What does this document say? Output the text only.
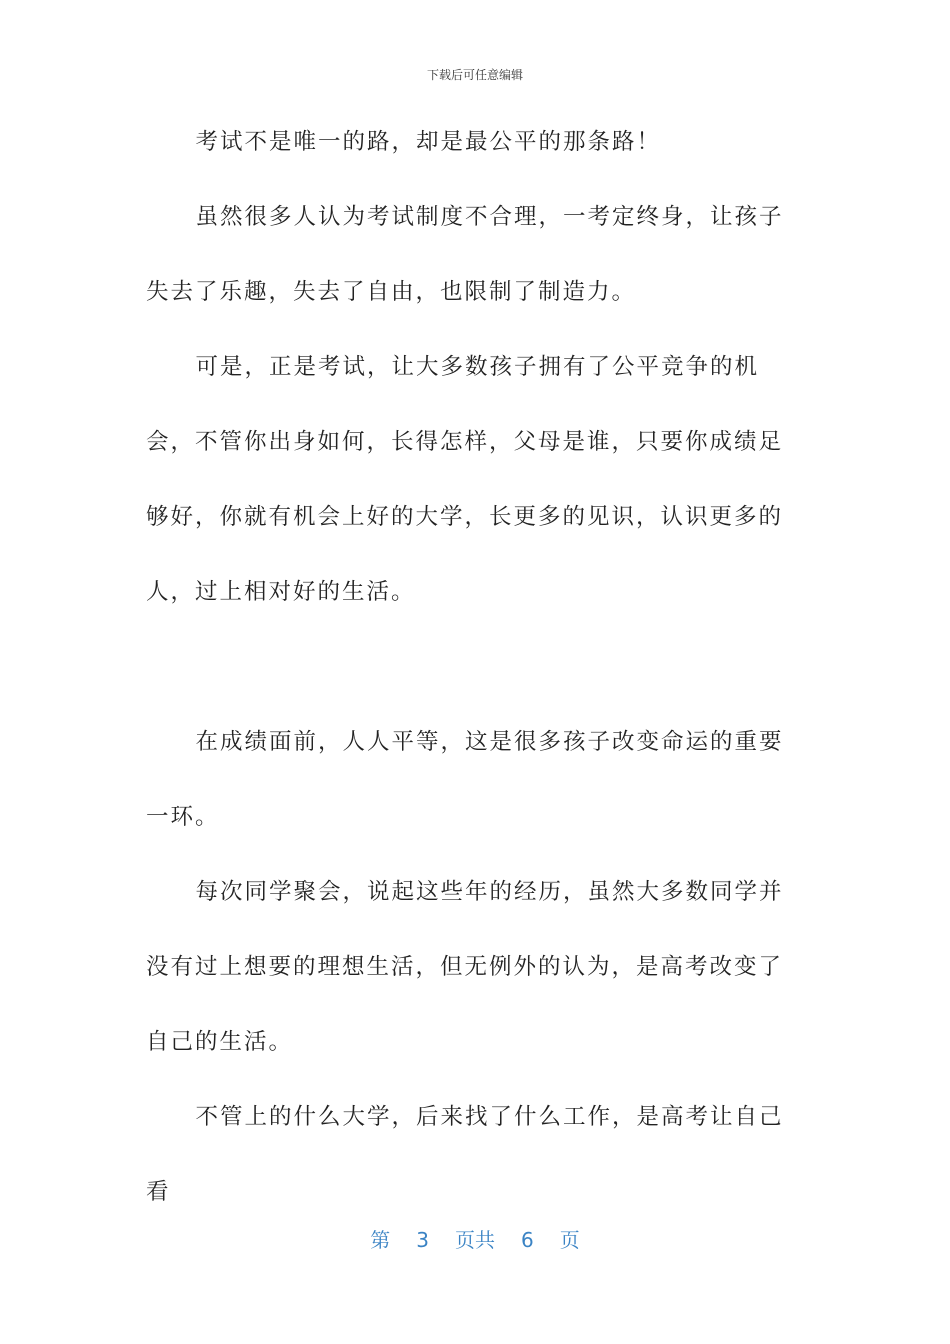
下载后可任意编辑

考试不是唯一的路，却是最公平的那条路！

虽然很多人认为考试制度不合理，一考定终身，让孩子失去了乐趣，失去了自由，也限制了制造力。

可是，正是考试，让大多数孩子拥有了公平竞争的机会，不管你出身如何，长得怎样，父母是谁，只要你成绩足够好，你就有机会上好的大学，长更多的见识，认识更多的人，过上相对好的生活。

在成绩面前，人人平等，这是很多孩子改变命运的重要一环。

每次同学聚会，说起这些年的经历，虽然大多数同学并没有过上想要的理想生活，但无例外的认为，是高考改变了自己的生活。

不管上的什么大学，后来找了什么工作，是高考让自己看

第 3 页共 6 页
